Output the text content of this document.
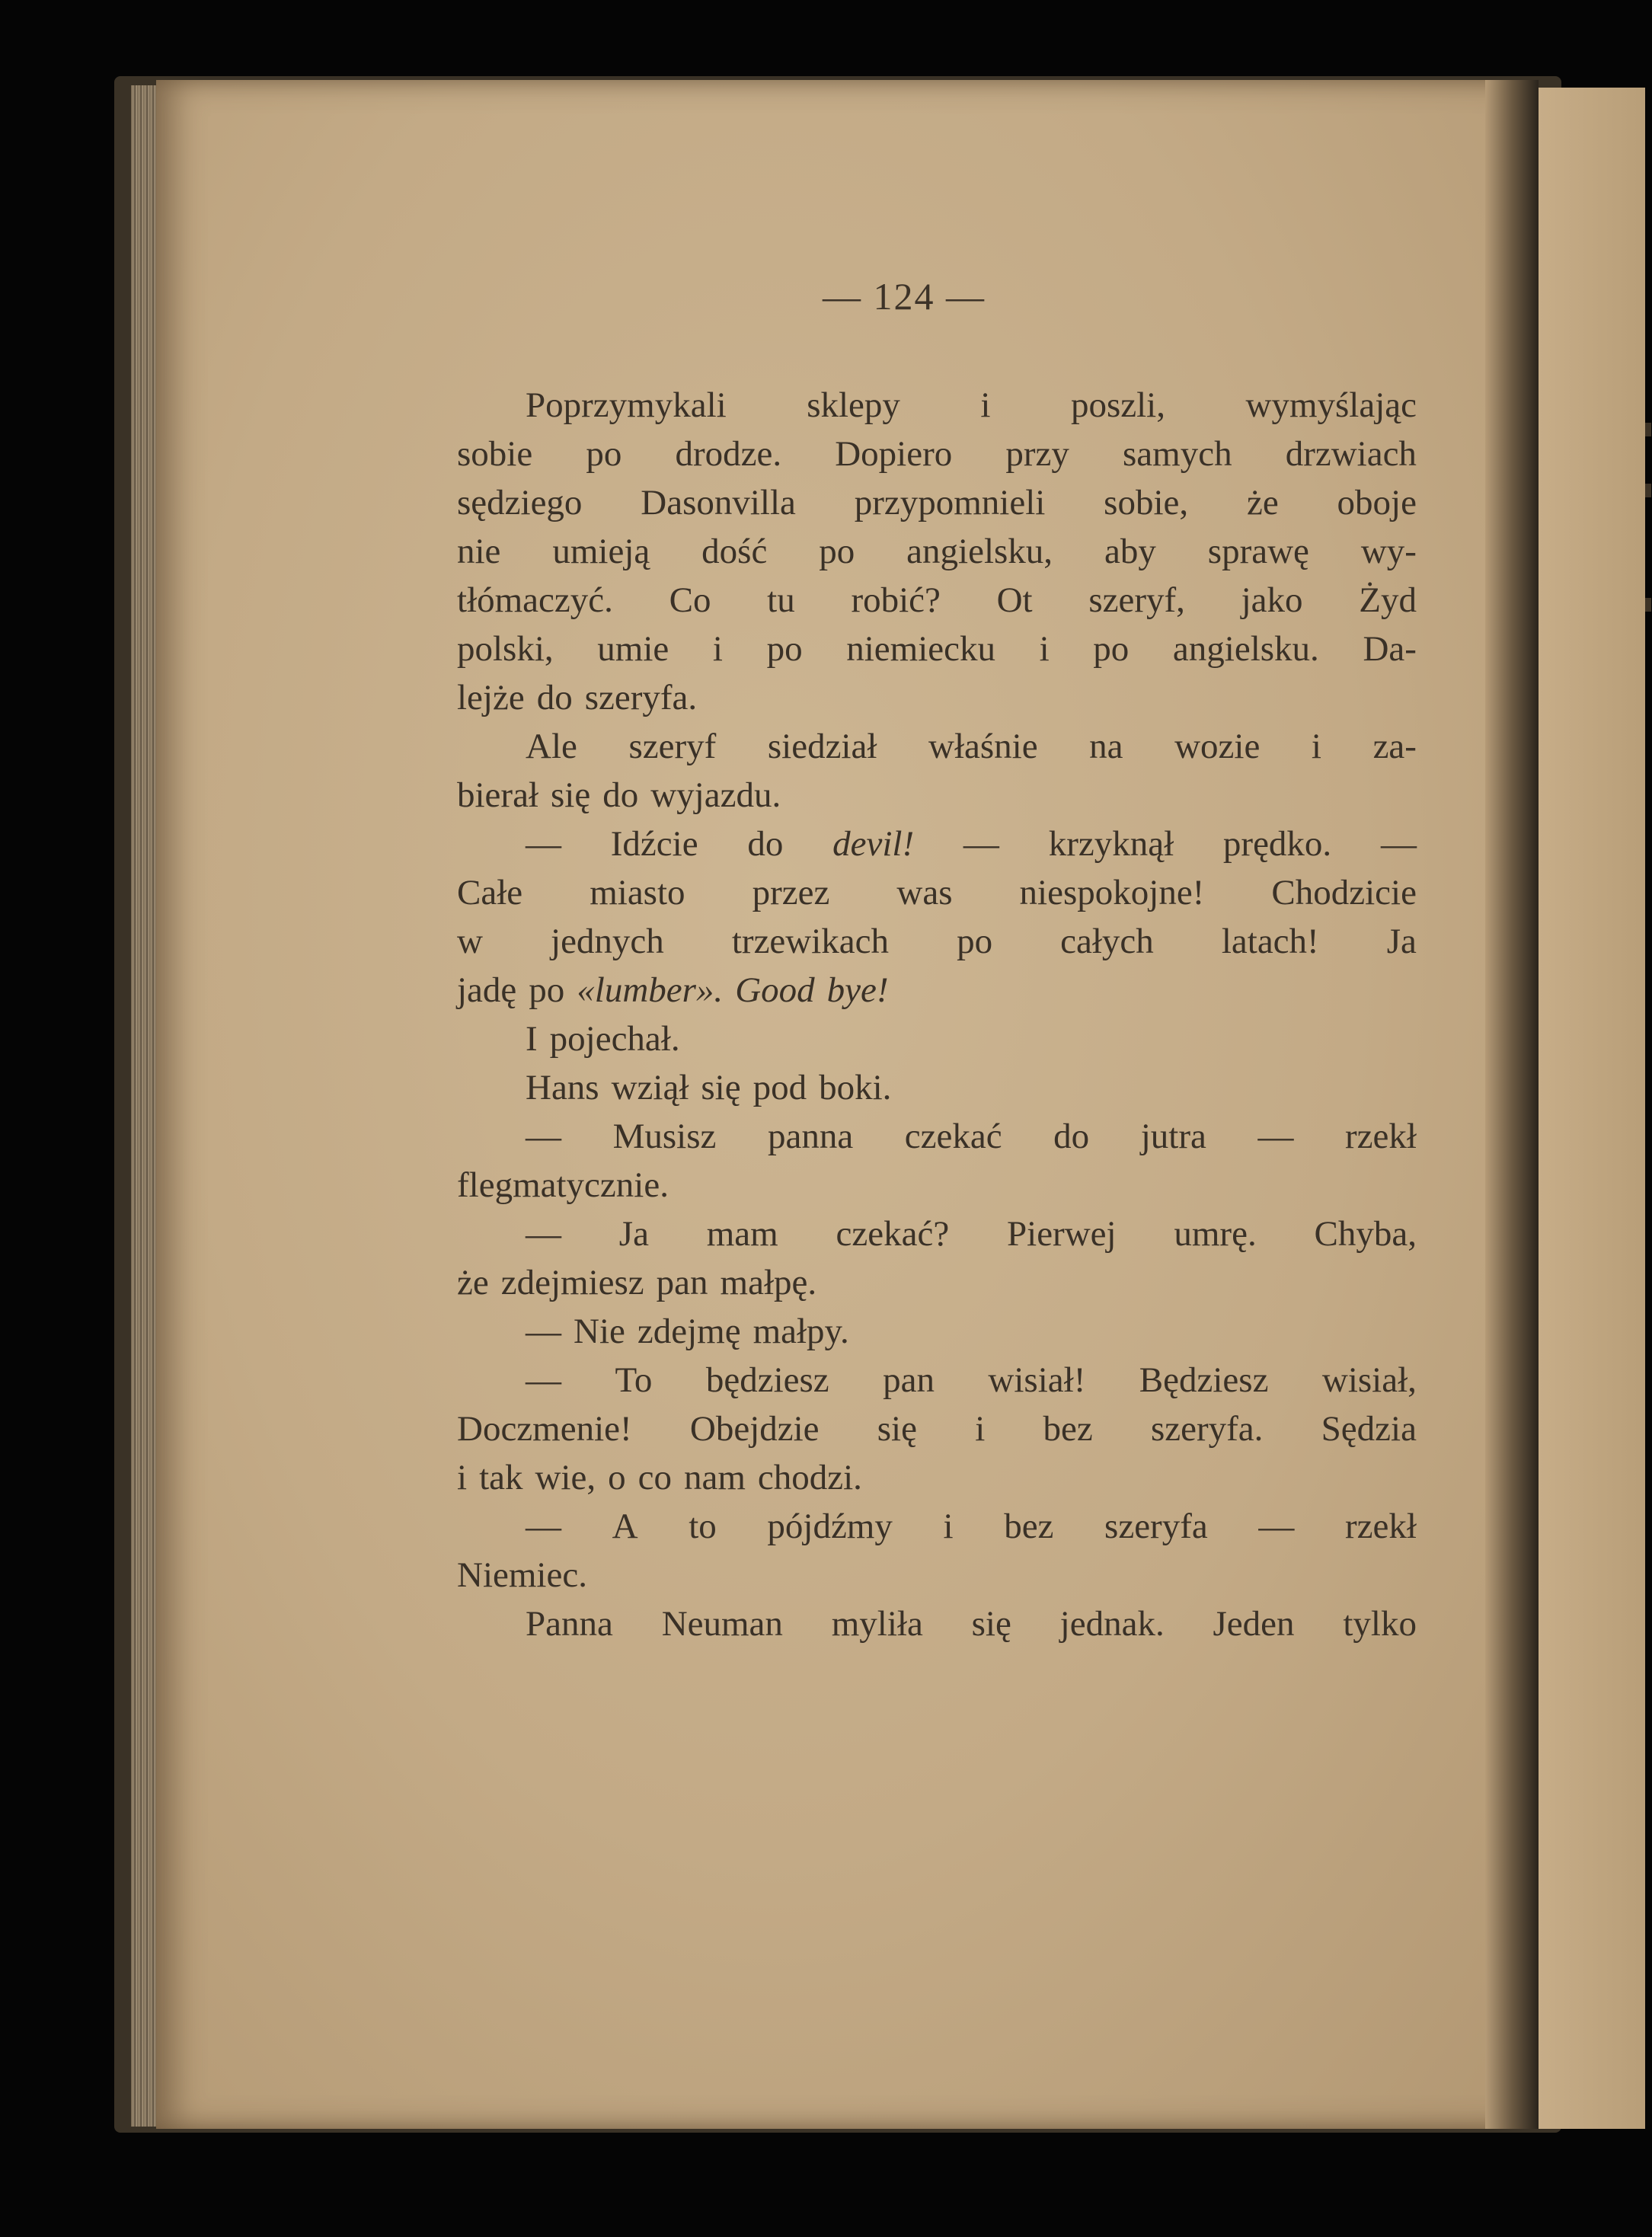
— 124 —
Poprzymykali sklepy i poszli, wymyślając
sobie po drodze. Dopiero przy samych drzwiach
sędziego Dasonvilla przypomnieli sobie, że oboje
nie umieją dość po angielsku, aby sprawę wy-
tłómaczyć. Co tu robić? Ot szeryf, jako Żyd
polski, umie i po niemiecku i po angielsku. Da-
lejże do szeryfa.
Ale szeryf siedział właśnie na wozie i za-
bierał się do wyjazdu.
— Idźcie do devil! — krzyknął prędko. —
Całe miasto przez was niespokojne! Chodzicie
w jednych trzewikach po całych latach! Ja
jadę po «lumber». Good bye!
I pojechał.
Hans wziął się pod boki.
— Musisz panna czekać do jutra — rzekł
flegmatycznie.
— Ja mam czekać? Pierwej umrę. Chyba,
że zdejmiesz pan małpę.
— Nie zdejmę małpy.
— To będziesz pan wisiał! Będziesz wisiał,
Doczmenie! Obejdzie się i bez szeryfa. Sędzia
i tak wie, o co nam chodzi.
— A to pójdźmy i bez szeryfa — rzekł
Niemiec.
Panna Neuman myliła się jednak. Jeden tylko
